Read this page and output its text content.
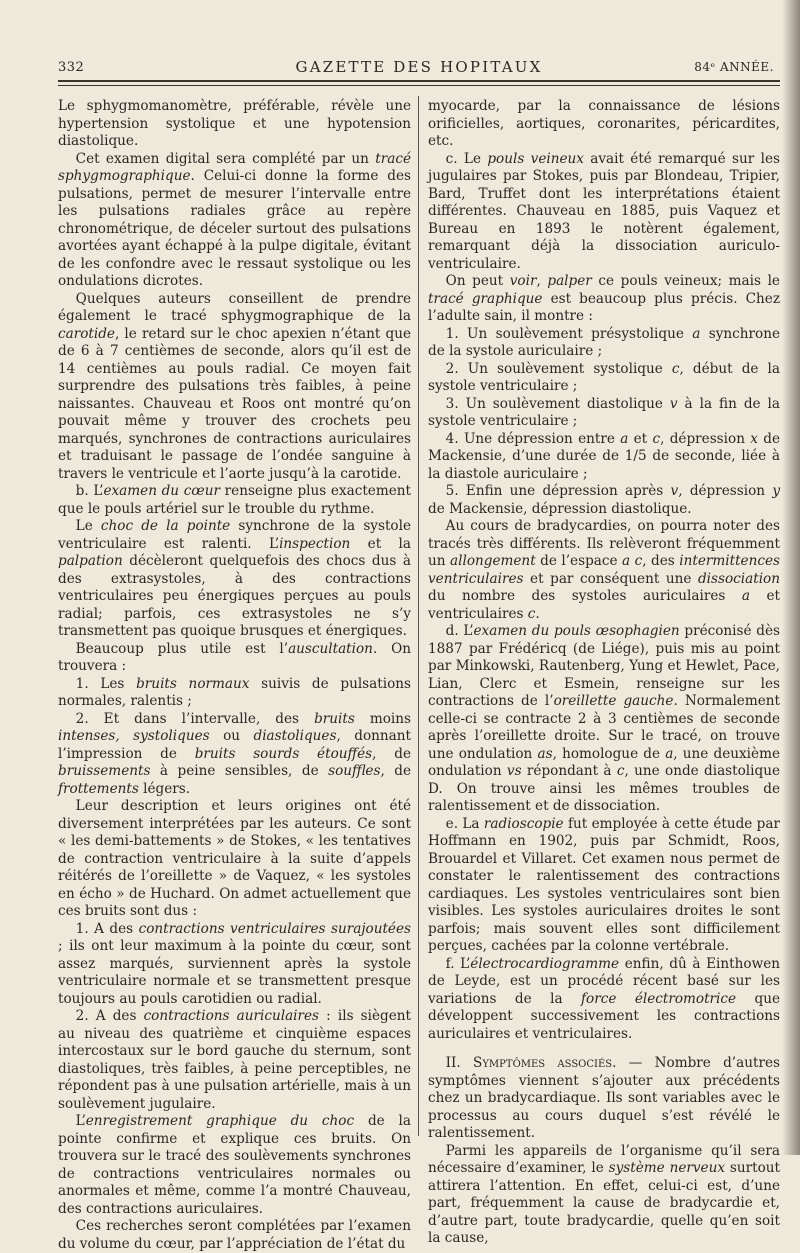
332	GAZETTE DES HOPITAUX	84ᵉ ANNÉE.

Le sphygmomanomètre, préférable, révèle une hypertension systolique et une hypotension diastolique.

Cet examen digital sera complété par un tracé sphygmographique. Celui-ci donne la forme des pulsations, permet de mesurer l’intervalle entre les pulsations radiales grâce au repère chronométrique, de déceler surtout des pulsations avortées ayant échappé à la pulpe digitale, évitant de les confondre avec le ressaut systolique ou les ondulations dicrotes.

Quelques auteurs conseillent de prendre également le tracé sphygmographique de la carotide, le retard sur le choc apexien n’étant que de 6 à 7 centièmes de seconde, alors qu’il est de 14 centièmes au pouls radial. Ce moyen fait surprendre des pulsations très faibles, à peine naissantes. Chauveau et Roos ont montré qu’on pouvait même y trouver des crochets peu marqués, synchrones de contractions auriculaires et traduisant le passage de l’ondée sanguine à travers le ventricule et l’aorte jusqu’à la carotide.

b. L’examen du cœur renseigne plus exactement que le pouls artériel sur le trouble du rythme.

Le choc de la pointe synchrone de la systole ventriculaire est ralenti. L’inspection et la palpation décèleront quelquefois des chocs dus à des extrasystoles, à des contractions ventriculaires peu énergiques perçues au pouls radial; parfois, ces extrasystoles ne s’y transmettent pas quoique brusques et énergiques.

Beaucoup plus utile est l’auscultation. On trouvera :

1. Les bruits normaux suivis de pulsations normales, ralentis ;

2. Et dans l’intervalle, des bruits moins intenses, systoliques ou diastoliques, donnant l’impression de bruits sourds étouffés, de bruissements à peine sensibles, de souffles, de frottements légers.

Leur description et leurs origines ont été diversement interprétées par les auteurs. Ce sont « les demi-battements » de Stokes, « les tentatives de contraction ventriculaire à la suite d’appels réitérés de l’oreillette » de Vaquez, « les systoles en écho » de Huchard. On admet actuellement que ces bruits sont dus :

1. A des contractions ventriculaires surajoutées ; ils ont leur maximum à la pointe du cœur, sont assez marqués, surviennent après la systole ventriculaire normale et se transmettent presque toujours au pouls carotidien ou radial.

2. A des contractions auriculaires : ils siègent au niveau des quatrième et cinquième espaces intercostaux sur le bord gauche du sternum, sont diastoliques, très faibles, à peine perceptibles, ne répondent pas à une pulsation artérielle, mais à un soulèvement jugulaire.

L’enregistrement graphique du choc de la pointe confirme et explique ces bruits. On trouvera sur le tracé des soulèvements synchrones de contractions ventriculaires normales ou anormales et même, comme l’a montré Chauveau, des contractions auriculaires.

Ces recherches seront complétées par l’examen du volume du cœur, par l’appréciation de l’état du

myocarde, par la connaissance de lésions orificielles, aortiques, coronarites, péricardites, etc.

c. Le pouls veineux avait été remarqué sur les jugulaires par Stokes, puis par Blondeau, Tripier, Bard, Truffet dont les interprétations étaient différentes. Chauveau en 1885, puis Vaquez et Bureau en 1893 le notèrent également, remarquant déjà la dissociation auriculo-ventriculaire.

On peut voir, palper ce pouls veineux; mais le tracé graphique est beaucoup plus précis. Chez l’adulte sain, il montre :

1. Un soulèvement présystolique a synchrone de la systole auriculaire ;

2. Un soulèvement systolique c, début de la systole ventriculaire ;

3. Un soulèvement diastolique v à la fin de la systole ventriculaire ;

4. Une dépression entre a et c, dépression x de Mackensie, d’une durée de 1/5 de seconde, liée à la diastole auriculaire ;

5. Enfin une dépression après v, dépression y de Mackensie, dépression diastolique.

Au cours de bradycardies, on pourra noter des tracés très différents. Ils relèveront fréquemment un allongement de l’espace a c, des intermittences ventriculaires et par conséquent une dissociation du nombre des systoles auriculaires a et ventriculaires c.

d. L’examen du pouls œsophagien préconisé dès 1887 par Frédéricq (de Liége), puis mis au point par Minkowski, Rautenberg, Yung et Hewlet, Pace, Lian, Clerc et Esmein, renseigne sur les contractions de l’oreillette gauche. Normalement celle-ci se contracte 2 à 3 centièmes de seconde après l’oreillette droite. Sur le tracé, on trouve une ondulation as, homologue de a, une deuxième ondulation vs répondant à c, une onde diastolique D. On trouve ainsi les mêmes troubles de ralentissement et de dissociation.

e. La radioscopie fut employée à cette étude par Hoffmann en 1902, puis par Schmidt, Roos, Brouardel et Villaret. Cet examen nous permet de constater le ralentissement des contractions cardiaques. Les systoles ventriculaires sont bien visibles. Les systoles auriculaires droites le sont parfois; mais souvent elles sont difficilement perçues, cachées par la colonne vertébrale.

f. L’électrocardiogramme enfin, dû à Einthowen de Leyde, est un procédé récent basé sur les variations de la force électromotrice que développent successivement les contractions auriculaires et ventriculaires.

II. Symptômes associés. — Nombre d’autres symptômes viennent s’ajouter aux précédents chez un bradycardiaque. Ils sont variables avec le processus au cours duquel s’est révélé le ralentissement.

Parmi les appareils de l’organisme qu’il sera nécessaire d’examiner, le système nerveux surtout attirera l’attention. En effet, celui-ci est, d’une part, fréquemment la cause de bradycardie et, d’autre part, toute bradycardie, quelle qu’en soit la cause,
